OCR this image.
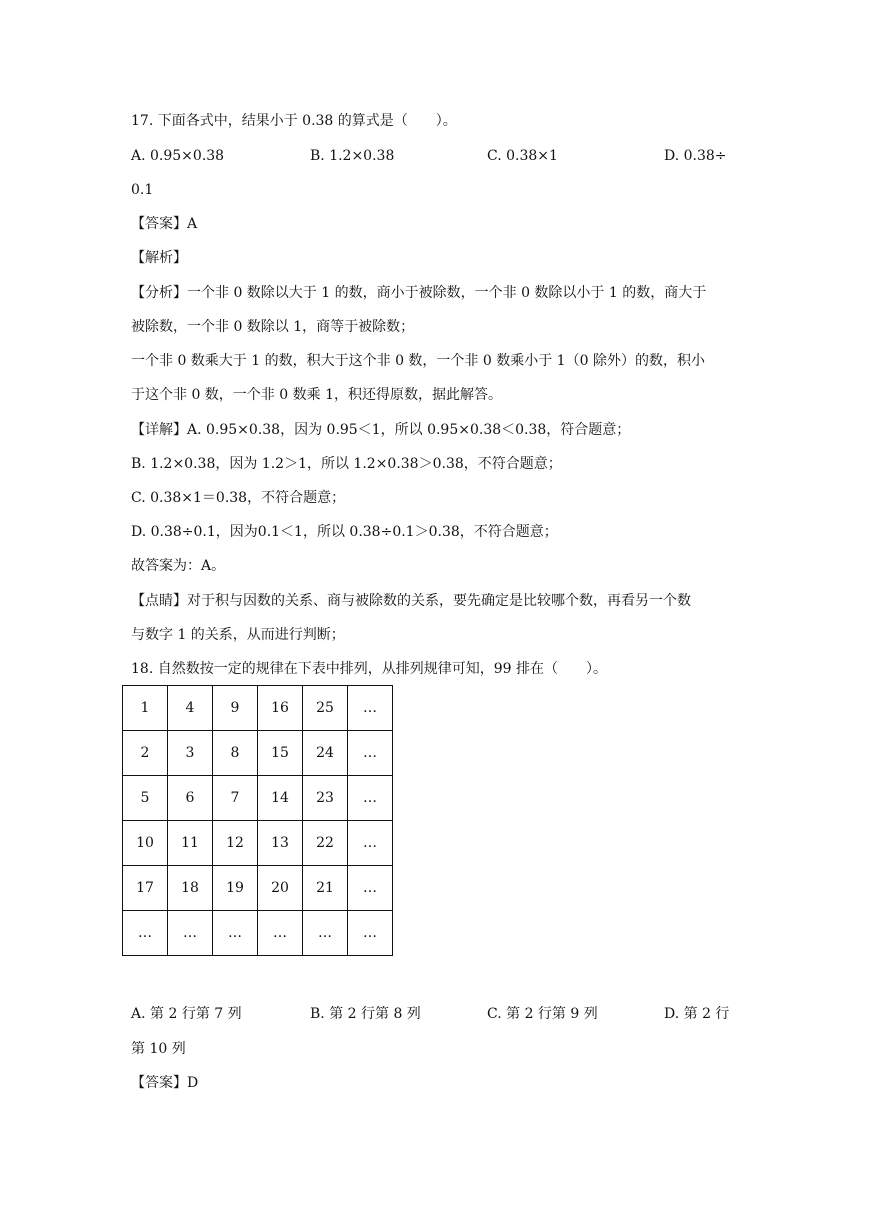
17. 下面各式中，结果小于 0.38 的算式是（　　）。
A. 0.95×0.38	B. 1.2×0.38	C. 0.38×1	D. 0.38÷
0.1
【答案】A
【解析】
【分析】一个非 0 数除以大于 1 的数，商小于被除数，一个非 0 数除以小于 1 的数，商大于
被除数，一个非 0 数除以 1，商等于被除数；
一个非 0 数乘大于 1 的数，积大于这个非 0 数，一个非 0 数乘小于 1（0 除外）的数，积小
于这个非 0 数，一个非 0 数乘 1，积还得原数，据此解答。
【详解】A. 0.95×0.38，因为 0.95＜1，所以 0.95×0.38＜0.38，符合题意；
B. 1.2×0.38，因为 1.2＞1，所以 1.2×0.38＞0.38，不符合题意；
C. 0.38×1＝0.38，不符合题意；
D. 0.38÷0.1，因为0.1＜1，所以 0.38÷0.1＞0.38，不符合题意；
故答案为：A。
【点睛】对于积与因数的关系、商与被除数的关系，要先确定是比较哪个数，再看另一个数
与数字 1 的关系，从而进行判断；
18. 自然数按一定的规律在下表中排列，从排列规律可知，99 排在（　　）。
1	4	9	16	25	…
2	3	8	15	24	…
5	6	7	14	23	…
10	11	12	13	22	…
17	18	19	20	21	…
…	…	…	…	…	…
A. 第 2 行第 7 列	B. 第 2 行第 8 列	C. 第 2 行第 9 列	D. 第 2 行
第 10 列
【答案】D
